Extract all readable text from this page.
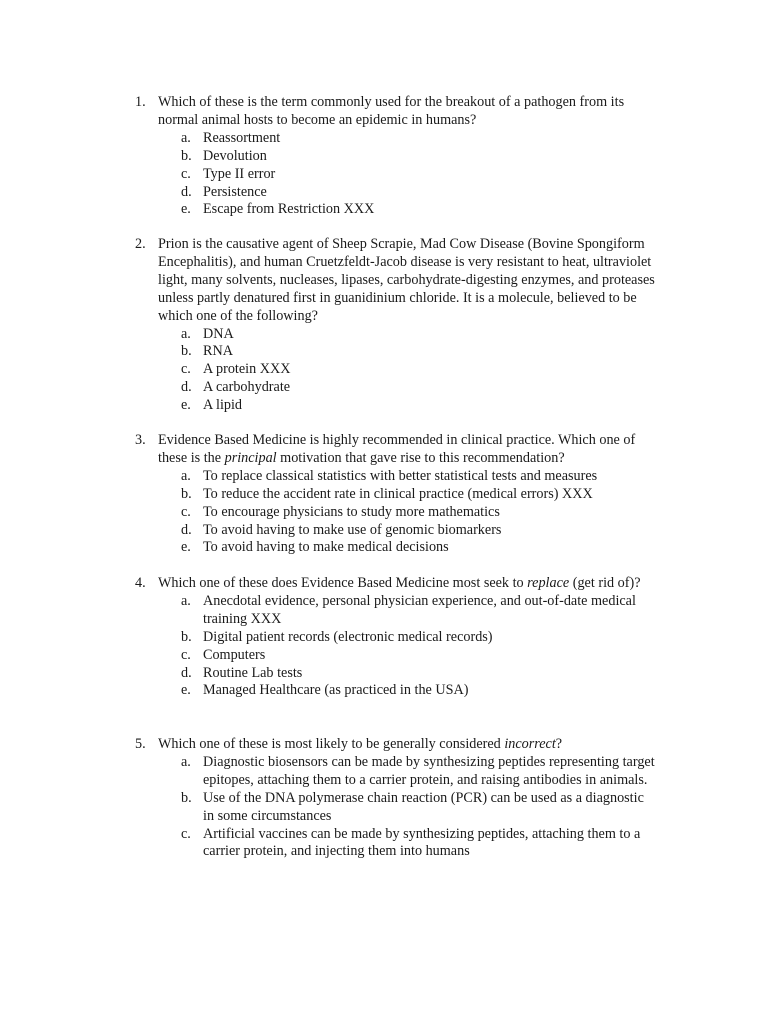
1. Which of these is the term commonly used for the breakout of a pathogen from its normal animal hosts to become an epidemic in humans?
a. Reassortment
b. Devolution
c. Type II error
d. Persistence
e. Escape from Restriction XXX
2. Prion is the causative agent of Sheep Scrapie, Mad Cow Disease (Bovine Spongiform Encephalitis), and human Cruetzfeldt-Jacob disease is very resistant to heat, ultraviolet light, many solvents, nucleases, lipases, carbohydrate-digesting enzymes, and proteases unless partly denatured first in guanidinium chloride. It is a molecule, believed to be which one of the following?
a. DNA
b. RNA
c. A protein XXX
d. A carbohydrate
e. A lipid
3. Evidence Based Medicine is highly recommended in clinical practice. Which one of these is the principal motivation that gave rise to this recommendation?
a. To replace classical statistics with better statistical tests and measures
b. To reduce the accident rate in clinical practice (medical errors) XXX
c. To encourage physicians to study more mathematics
d. To avoid having to make use of genomic biomarkers
e. To avoid having to make medical decisions
4. Which one of these does Evidence Based Medicine most seek to replace (get rid of)?
a. Anecdotal evidence, personal physician experience, and out-of-date medical training XXX
b. Digital patient records (electronic medical records)
c. Computers
d. Routine Lab tests
e. Managed Healthcare (as practiced in the USA)
5. Which one of these is most likely to be generally considered incorrect?
a. Diagnostic biosensors can be made by synthesizing peptides representing target epitopes, attaching them to a carrier protein, and raising antibodies in animals.
b. Use of the DNA polymerase chain reaction (PCR) can be used as a diagnostic in some circumstances
c. Artificial vaccines can be made by synthesizing peptides, attaching them to a carrier protein, and injecting them into humans
